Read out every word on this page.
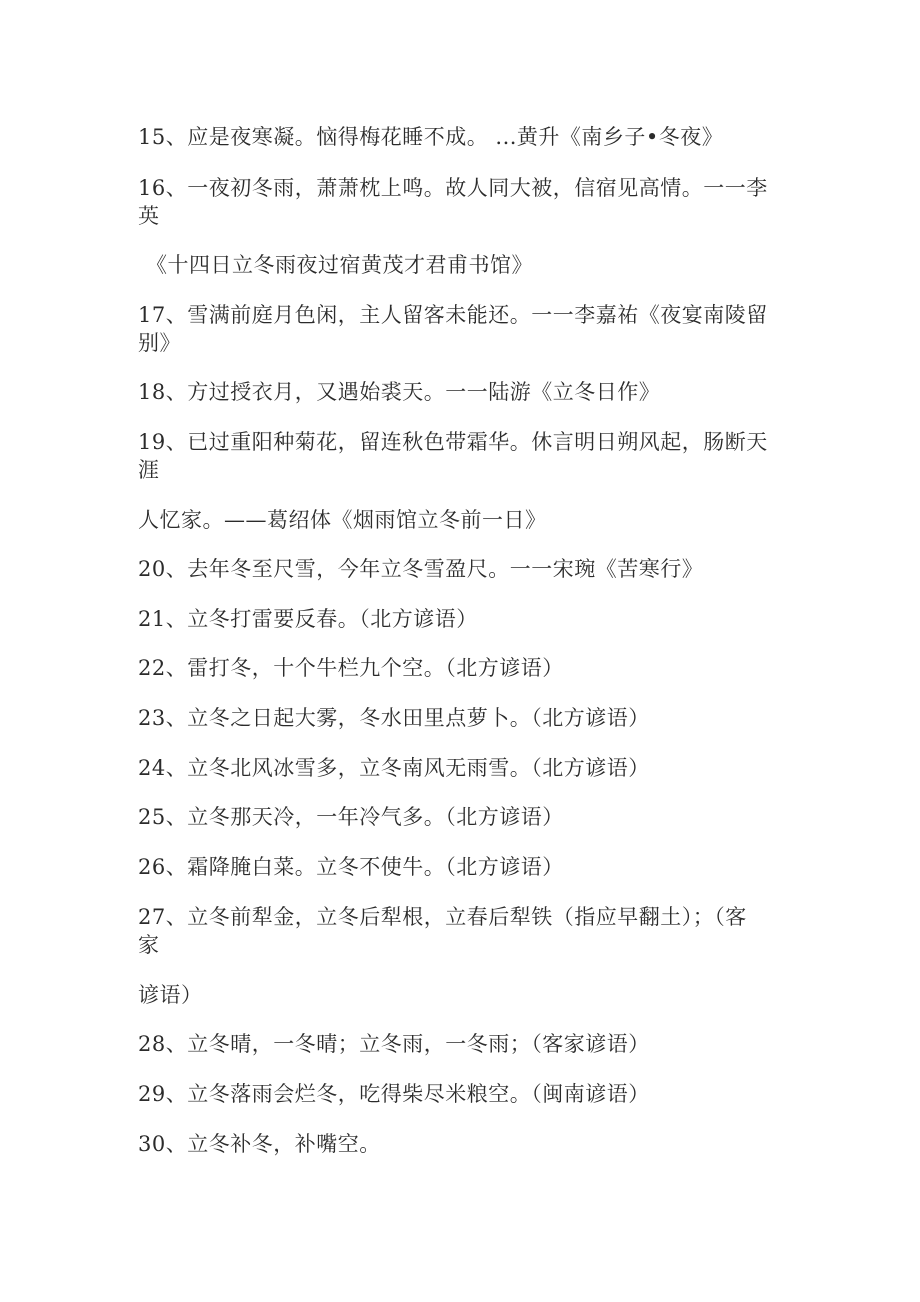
15、应是夜寒凝。恼得梅花睡不成。 ...黄升《南乡子•冬夜》
16、一夜初冬雨，萧萧枕上鸣。故人同大被，信宿见高情。一一李
英
《十四日立冬雨夜过宿黄茂才君甫书馆》
17、雪满前庭月色闲，主人留客未能还。一一李嘉祐《夜宴南陵留
别》
18、方过授衣月，又遇始裘天。一一陆游《立冬日作》
19、已过重阳种菊花，留连秋色带霜华。休言明日朔风起，肠断天
涯
人忆家。——葛绍体《烟雨馆立冬前一日》
20、去年冬至尺雪，今年立冬雪盈尺。一一宋琬《苦寒行》
21、立冬打雷要反春。（北方谚语）
22、雷打冬，十个牛栏九个空。（北方谚语）
23、立冬之日起大雾，冬水田里点萝卜。（北方谚语）
24、立冬北风冰雪多，立冬南风无雨雪。（北方谚语）
25、立冬那天冷，一年冷气多。（北方谚语）
26、霜降腌白菜。立冬不使牛。（北方谚语）
27、立冬前犁金，立冬后犁根，立春后犁铁（指应早翻土）；（客
家
谚语）
28、立冬晴，一冬晴；立冬雨，一冬雨；（客家谚语）
29、立冬落雨会烂冬，吃得柴尽米粮空。（闽南谚语）
30、立冬补冬，补嘴空。
